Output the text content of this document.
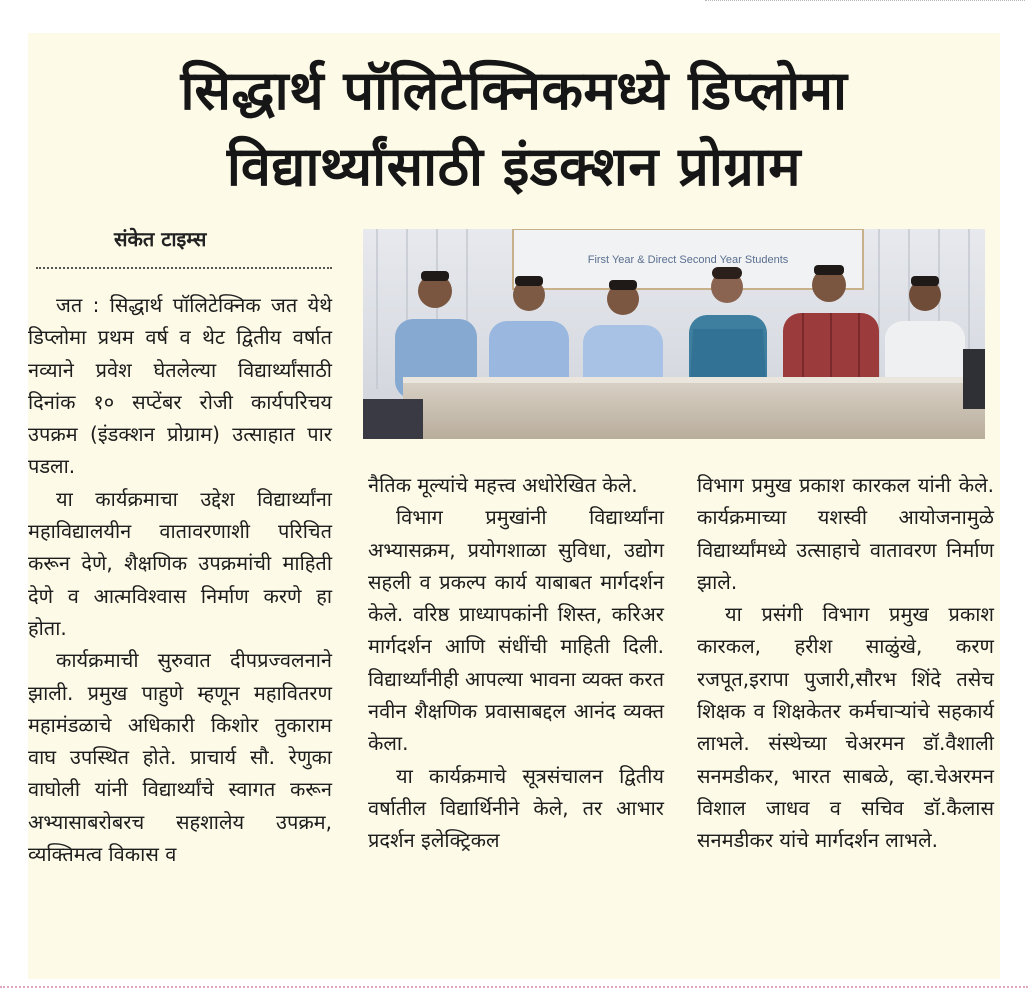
सिद्धार्थ पॉलिटेक्निकमध्ये डिप्लोमा
विद्यार्थ्यांसाठी इंडक्शन प्रोग्राम
संकेत टाइम्स
First Year & Direct Second Year Students

जत : सिद्धार्थ पॉलिटेक्निक जत येथे डिप्लोमा प्रथम वर्ष व थेट द्वितीय वर्षात नव्याने प्रवेश घेतलेल्या विद्यार्थ्यांसाठी दिनांक १० सप्टेंबर रोजी कार्यपरिचय उपक्रम (इंडक्शन प्रोग्राम) उत्साहात पार पडला.

या कार्यक्रमाचा उद्देश विद्यार्थ्यांना महाविद्यालयीन वातावरणाशी परिचित करून देणे, शैक्षणिक उपक्रमांची माहिती देणे व आत्मविश्वास निर्माण करणे हा होता.

कार्यक्रमाची सुरुवात दीपप्रज्वलनाने झाली. प्रमुख पाहुणे म्हणून महावितरण महामंडळाचे अधिकारी किशोर तुकाराम वाघ उपस्थित होते. प्राचार्य सौ. रेणुका वाघोली यांनी विद्यार्थ्यांचे स्वागत करून अभ्यासाबरोबरच सहशालेय उपक्रम, व्यक्तिमत्व विकास व

नैतिक मूल्यांचे महत्त्व अधोरेखित केले.

विभाग प्रमुखांनी विद्यार्थ्यांना अभ्यासक्रम, प्रयोगशाळा सुविधा, उद्योग सहली व प्रकल्प कार्य याबाबत मार्गदर्शन केले. वरिष्ठ प्राध्यापकांनी शिस्त, करिअर मार्गदर्शन आणि संधींची माहिती दिली. विद्यार्थ्यांनीही आपल्या भावना व्यक्त करत नवीन शैक्षणिक प्रवासाबद्दल आनंद व्यक्त केला.

या कार्यक्रमाचे सूत्रसंचालन द्वितीय वर्षातील विद्यार्थिनीने केले, तर आभार प्रदर्शन इलेक्ट्रिकल

विभाग प्रमुख प्रकाश कारकल यांनी केले. कार्यक्रमाच्या यशस्वी आयोजनामुळे विद्यार्थ्यांमध्ये उत्साहाचे वातावरण निर्माण झाले.

या प्रसंगी विभाग प्रमुख प्रकाश कारकल, हरीश साळुंखे, करण रजपूत,इरापा पुजारी,सौरभ शिंदे तसेच शिक्षक व शिक्षकेतर कर्मचाऱ्यांचे सहकार्य लाभले. संस्थेच्या चेअरमन डॉ.वैशाली सनमडीकर, भारत साबळे, व्हा.चेअरमन विशाल जाधव व सचिव डॉ.कैलास सनमडीकर यांचे मार्गदर्शन लाभले.
